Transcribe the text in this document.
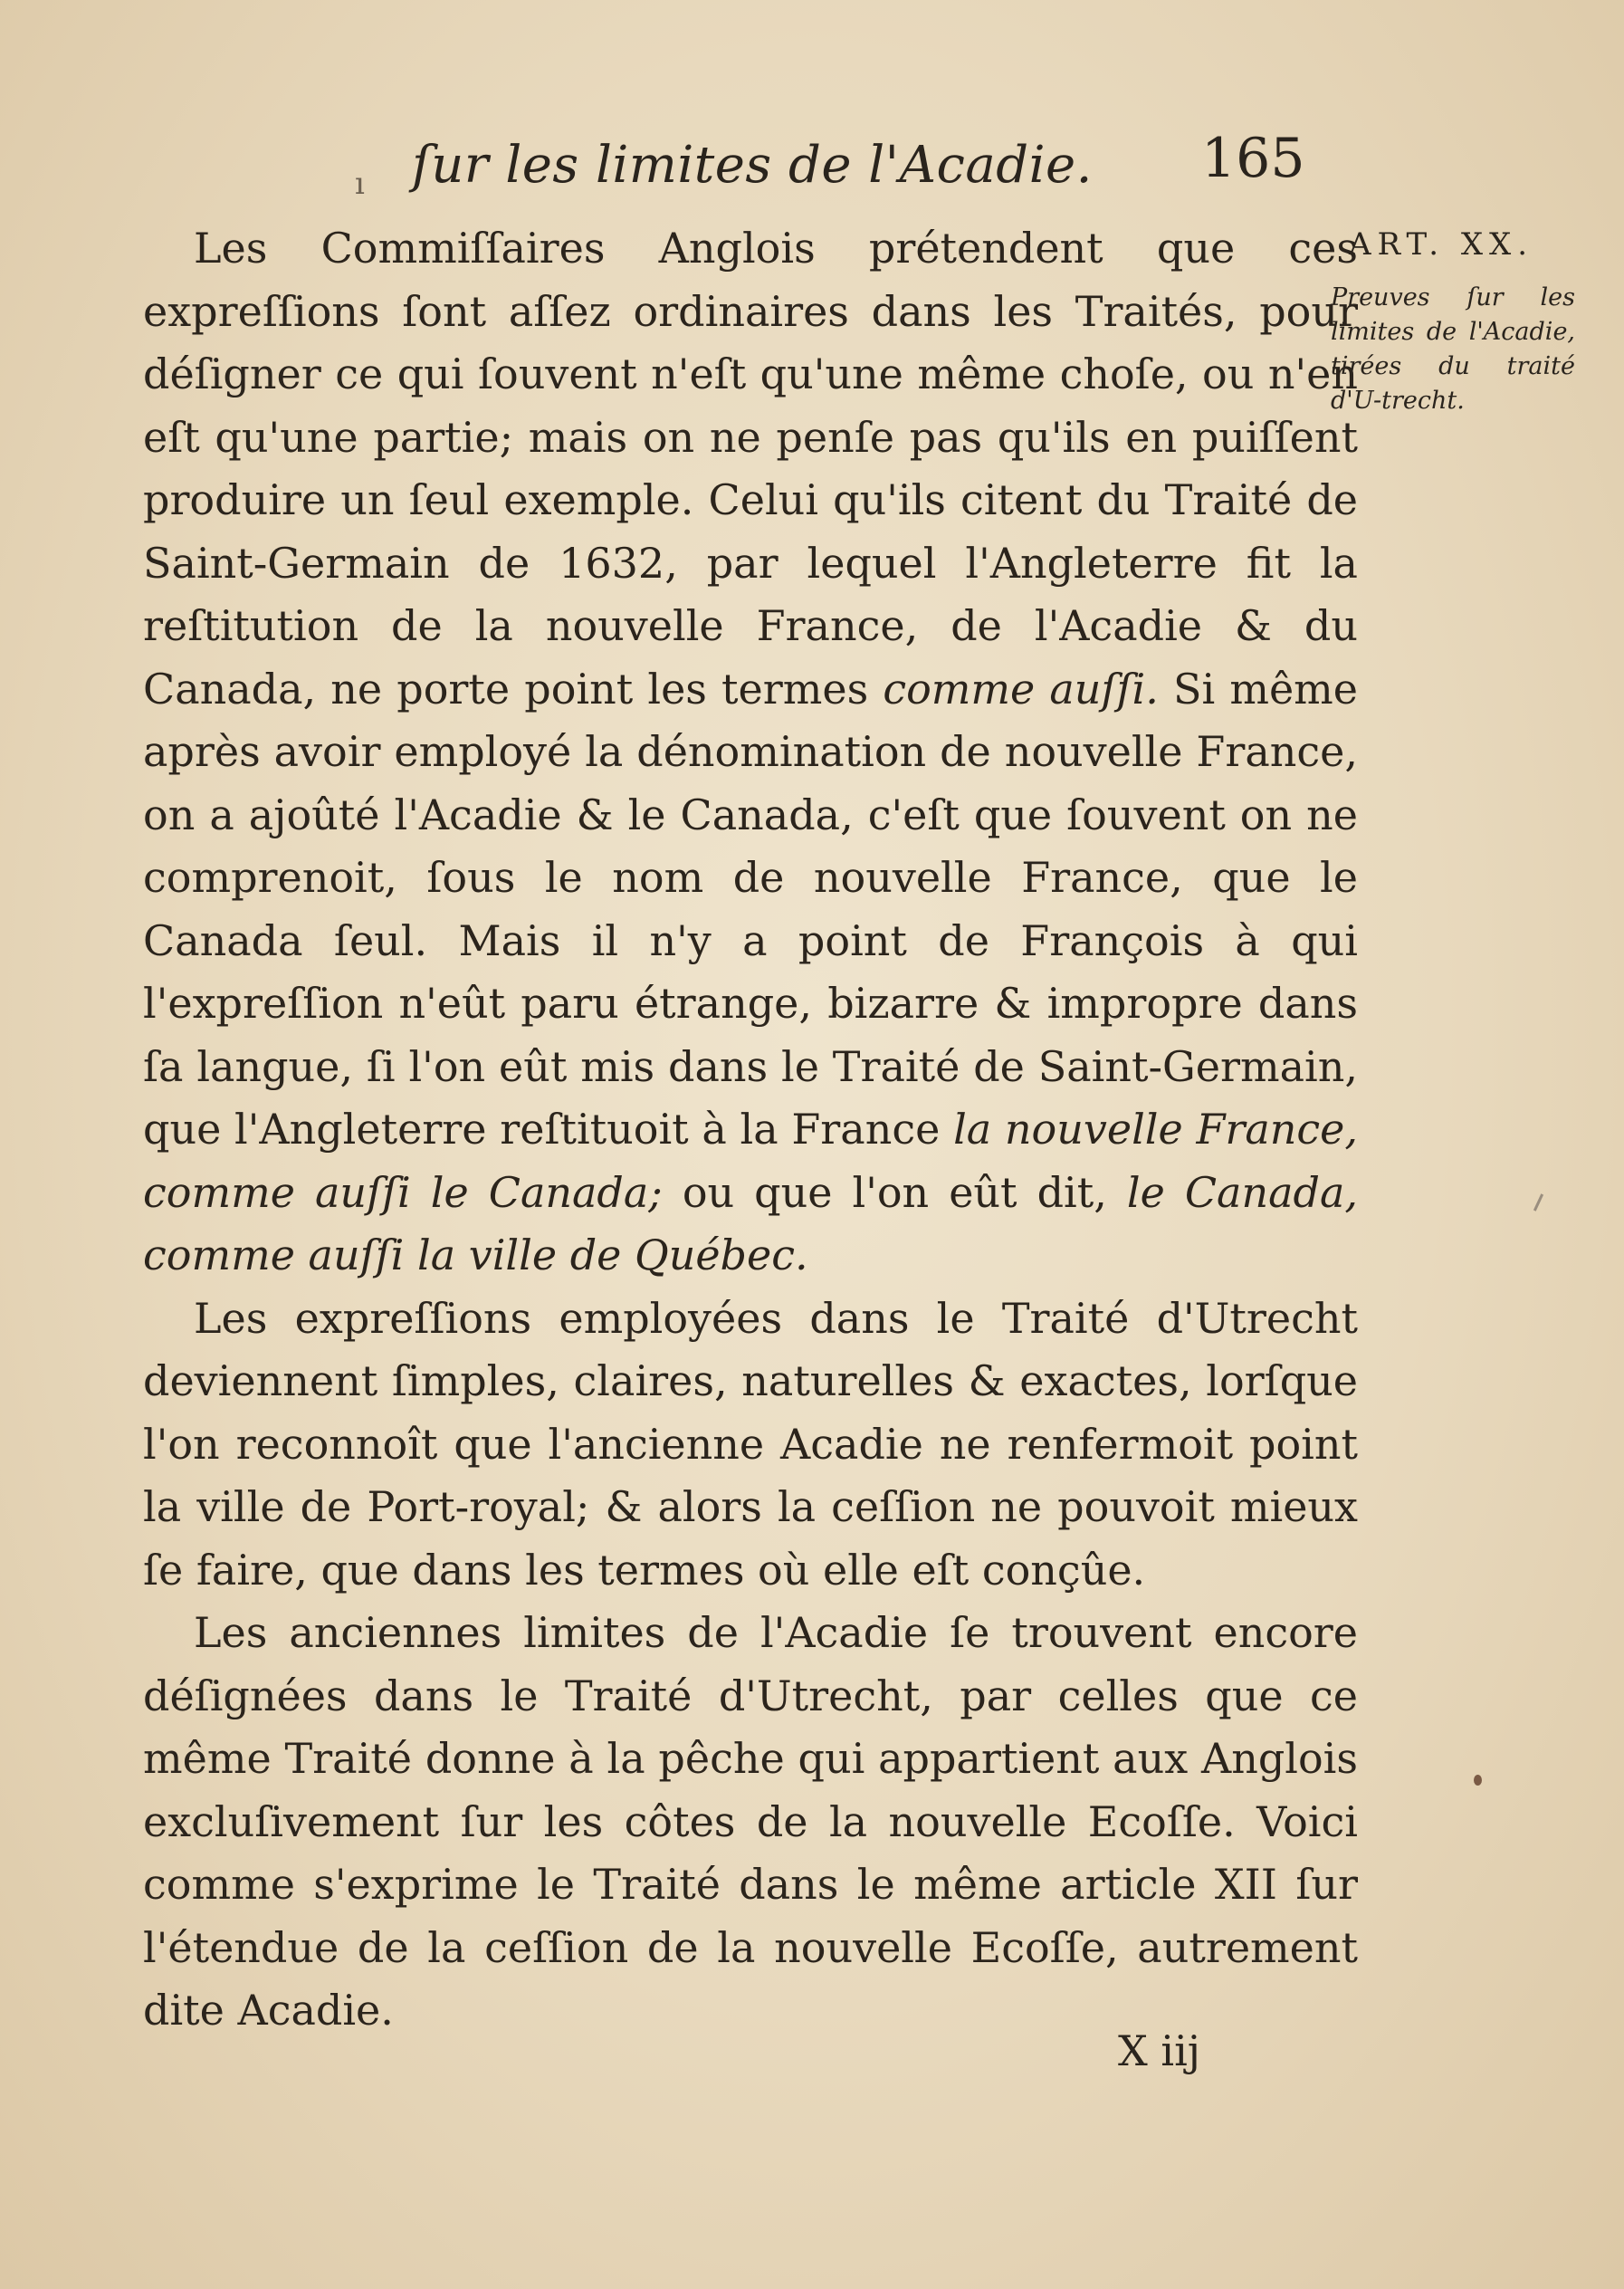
ı ſur les limites de l'Acadie. 165
ART. XX.
Preuves ſur les limites de l'Acadie, tirées du traité d'U-trecht.

Les Commiſſaires Anglois prétendent que ces expreſſions ſont aſſez ordinaires dans les Traités, pour déſigner ce qui ſouvent n'eſt qu'une même choſe, ou n'en eſt qu'une partie; mais on ne penſe pas qu'ils en puiſſent produire un ſeul exemple. Celui qu'ils citent du Traité de Saint-Germain de 1632, par lequel l'Angleterre fit la reſtitution de la nouvelle France, de l'Acadie & du Canada, ne porte point les termes comme auſſi. Si même après avoir employé la dénomination de nouvelle France, on a ajoûté l'Acadie & le Canada, c'eſt que ſouvent on ne comprenoit, ſous le nom de nouvelle France, que le Canada ſeul. Mais il n'y a point de François à qui l'expreſſion n'eût paru étrange, bizarre & impropre dans ſa langue, ſi l'on eût mis dans le Traité de Saint-Germain, que l'Angleterre reſtituoit à la France la nouvelle France, comme auſſi le Canada; ou que l'on eût dit, le Canada, comme auſſi la ville de Québec.

Les expreſſions employées dans le Traité d'Utrecht deviennent ſimples, claires, naturelles & exactes, lorſque l'on reconnoît que l'ancienne Acadie ne renfermoit point la ville de Port-royal; & alors la ceſſion ne pouvoit mieux ſe faire, que dans les termes où elle eſt conçûe.

Les anciennes limites de l'Acadie ſe trouvent encore déſignées dans le Traité d'Utrecht, par celles que ce même Traité donne à la pêche qui appartient aux Anglois excluſivement ſur les côtes de la nouvelle Ecoſſe. Voici comme s'exprime le Traité dans le même article XII ſur l'étendue de la ceſſion de la nouvelle Ecoſſe, autrement dite Acadie.

X iij
